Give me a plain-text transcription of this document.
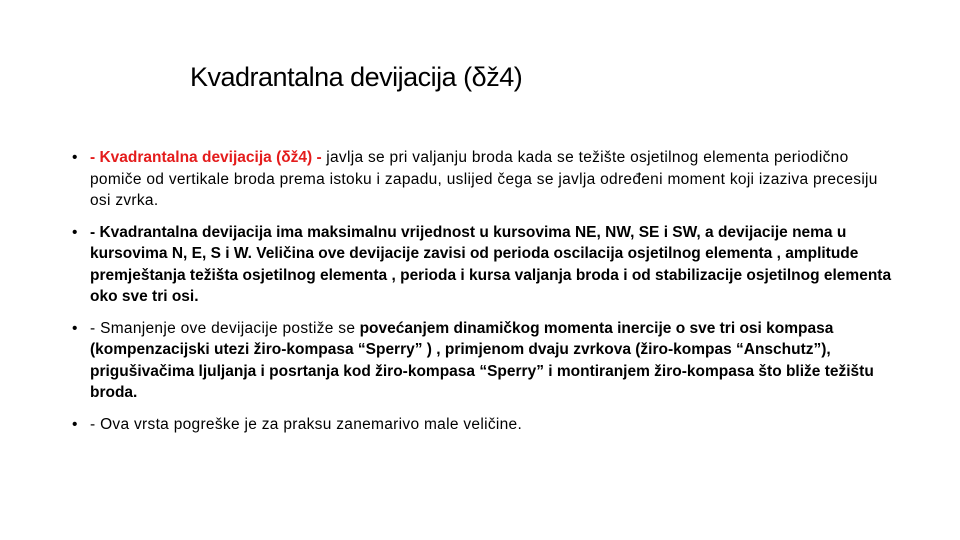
Kvadrantalna devijacija (δž4)
• - Kvadrantalna devijacija (δž4) - javlja se pri valjanju broda kada se težište osjetilnog elementa periodično pomiče od vertikale broda prema istoku i zapadu, uslijed čega se javlja određeni moment koji izaziva precesiju osi zvrka.
• - Kvadrantalna devijacija ima maksimalnu vrijednost u kursovima NE, NW, SE i SW, a devijacije nema u kursovima N, E, S i W. Veličina ove devijacije zavisi od perioda oscilacija osjetilnog elementa , amplitude premještanja težišta osjetilnog elementa , perioda i kursa valjanja broda i od stabilizacije osjetilnog elementa oko sve tri osi.
• - Smanjenje ove devijacije postiže se povećanjem dinamičkog momenta inercije o sve tri osi kompasa (kompenzacijski utezi žiro-kompasa “Sperry” ) , primjenom dvaju zvrkova (žiro-kompas “Anschutz”), prigušivačima ljuljanja i posrtanja kod žiro-kompasa “Sperry” i montiranjem žiro-kompasa što bliže težištu broda.
• - Ova vrsta pogreške je za praksu zanemarivo male veličine.
